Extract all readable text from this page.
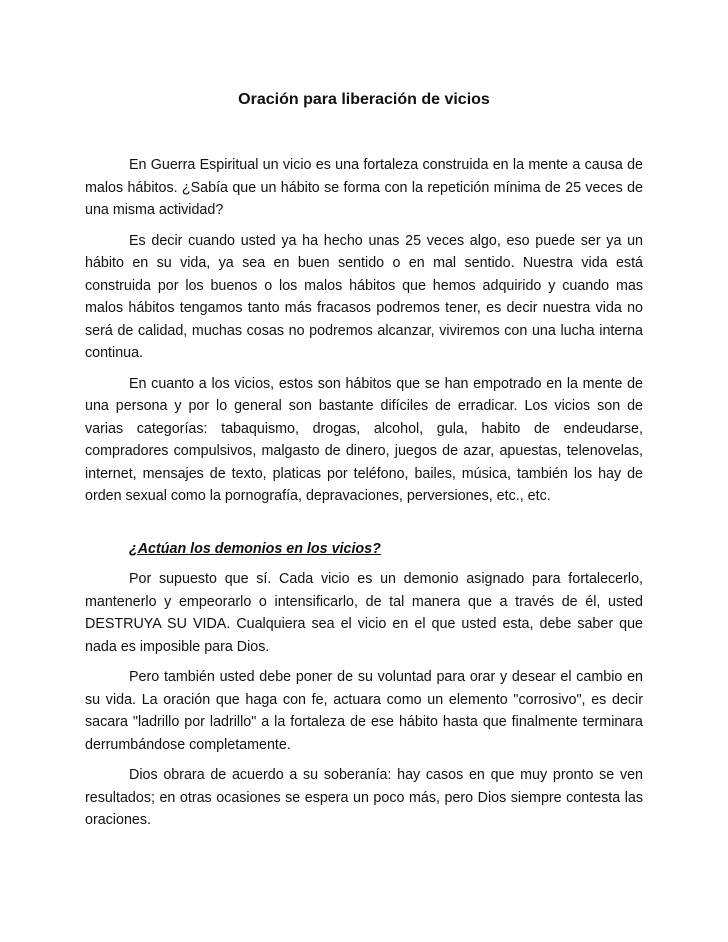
Oración para liberación de vicios

En Guerra Espiritual un vicio es una fortaleza construida en la mente a causa de malos hábitos. ¿Sabía que un hábito se forma con la repetición mínima de 25 veces de una misma actividad?

Es decir cuando usted ya ha hecho unas 25 veces algo, eso puede ser ya un hábito en su vida, ya sea en buen sentido o en mal sentido. Nuestra vida está construida por los buenos o los malos hábitos que hemos adquirido y cuando mas malos hábitos tengamos tanto más fracasos podremos tener, es decir nuestra vida no será de calidad, muchas cosas no podremos alcanzar, viviremos con una lucha interna continua.

En cuanto a los vicios, estos son hábitos que se han empotrado en la mente de una persona y por lo general son bastante difíciles de erradicar. Los vicios son de varias categorías: tabaquismo, drogas, alcohol, gula, habito de endeudarse, compradores compulsivos, malgasto de dinero, juegos de azar, apuestas, telenovelas, internet, mensajes de texto, platicas por teléfono, bailes, música, también los hay de orden sexual como la pornografía, depravaciones, perversiones, etc., etc.

¿Actúan los demonios en los vicios?

Por supuesto que sí. Cada vicio es un demonio asignado para fortalecerlo, mantenerlo y empeorarlo o intensificarlo, de tal manera que a través de él, usted DESTRUYA SU VIDA. Cualquiera sea el vicio en el que usted esta, debe saber que nada es imposible para Dios.

Pero también usted debe poner de su voluntad para orar y desear el cambio en su vida. La oración que haga con fe, actuara como un elemento "corrosivo", es decir sacara "ladrillo por ladrillo" a la fortaleza de ese hábito hasta que finalmente terminara derrumbándose completamente.

Dios obrara de acuerdo a su soberanía: hay casos en que muy pronto se ven resultados; en otras ocasiones se espera un poco más, pero Dios siempre contesta las oraciones.
